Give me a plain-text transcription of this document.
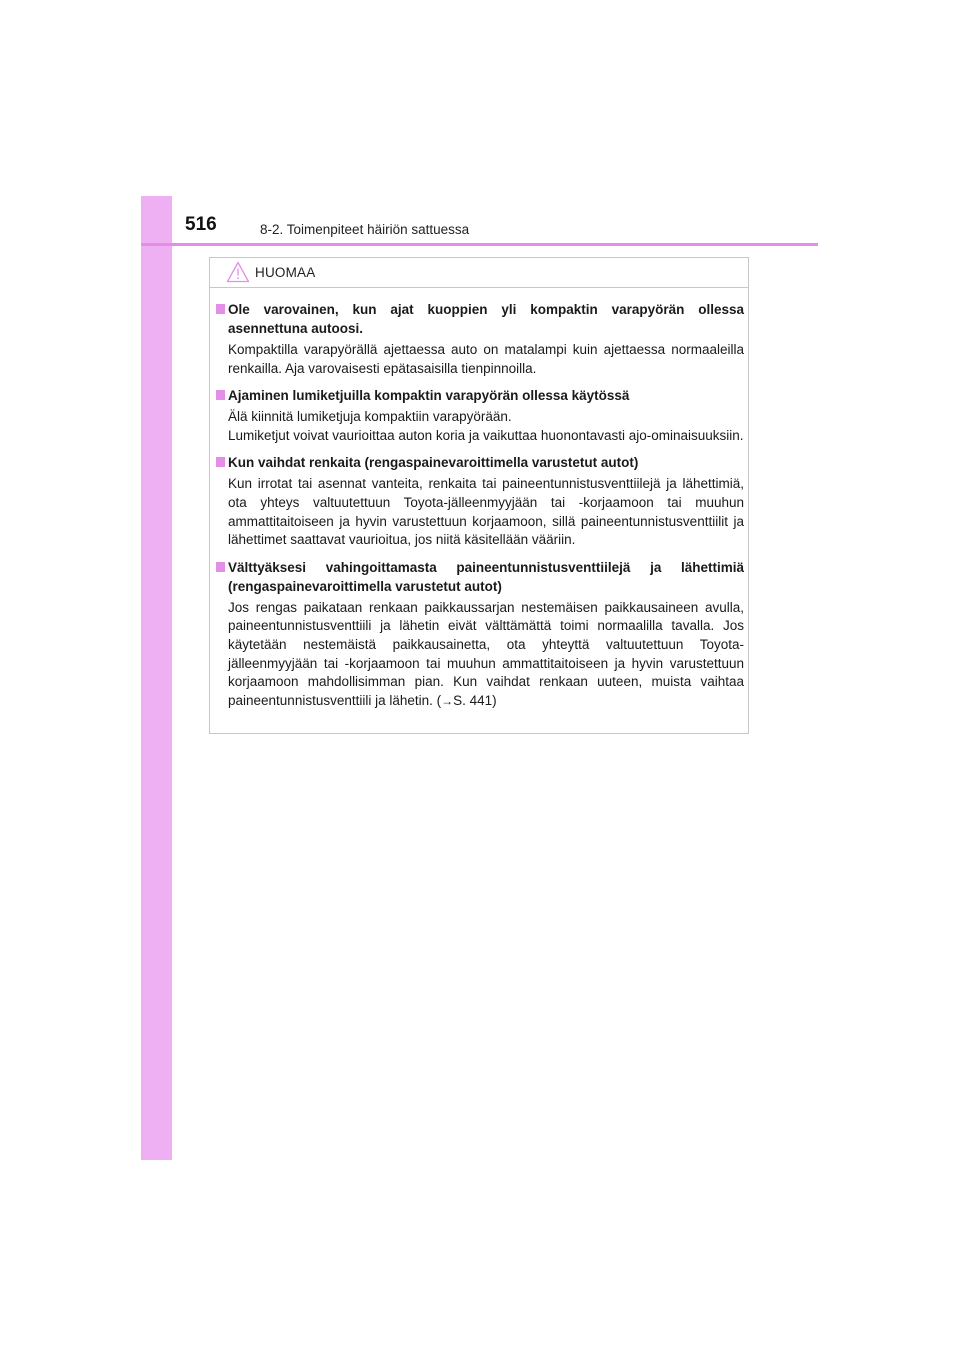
516	8-2. Toimenpiteet häiriön sattuessa
HUOMAA
Ole varovainen, kun ajat kuoppien yli kompaktin varapyörän ollessa asennettuna autoosi.
Kompaktilla varapyörällä ajettaessa auto on matalampi kuin ajettaessa normaaleilla renkailla. Aja varovaisesti epätasaisilla tienpinnoilla.
Ajaminen lumiketjuilla kompaktin varapyörän ollessa käytössä
Älä kiinnitä lumiketjuja kompaktiin varapyörään.
Lumiketjut voivat vaurioittaa auton koria ja vaikuttaa huonontavasti ajo-ominaisuuksiin.
Kun vaihdat renkaita (rengaspainevaroittimella varustetut autot)
Kun irrotat tai asennat vanteita, renkaita tai paineentunnistusventtiilejä ja lähettimiä, ota yhteys valtuutettuun Toyota-jälleenmyyjään tai -korjaamoon tai muuhun ammattitaitoiseen ja hyvin varustettuun korjaamoon, sillä paineentunnistusventtiilit ja lähettimet saattavat vaurioitua, jos niitä käsitellään vääriin.
Välttyäksesi vahingoittamasta paineentunnistusventtiilejä ja lähettimiä (rengaspainevaroittimella varustetut autot)
Jos rengas paikataan renkaan paikkaussarjan nestemäisen paikkausaineen avulla, paineentunnistusventtiili ja lähetin eivät välttämättä toimi normaalilla tavalla. Jos käytetään nestemäistä paikkausainetta, ota yhteyttä valtuutettuun Toyota-jälleenmyyjään tai -korjaamoon tai muuhun ammattitaitoiseen ja hyvin varustettuun korjaamoon mahdollisimman pian. Kun vaihdat renkaan uuteen, muista vaihtaa paineentunnistusventtiili ja lähetin. (→S. 441)
